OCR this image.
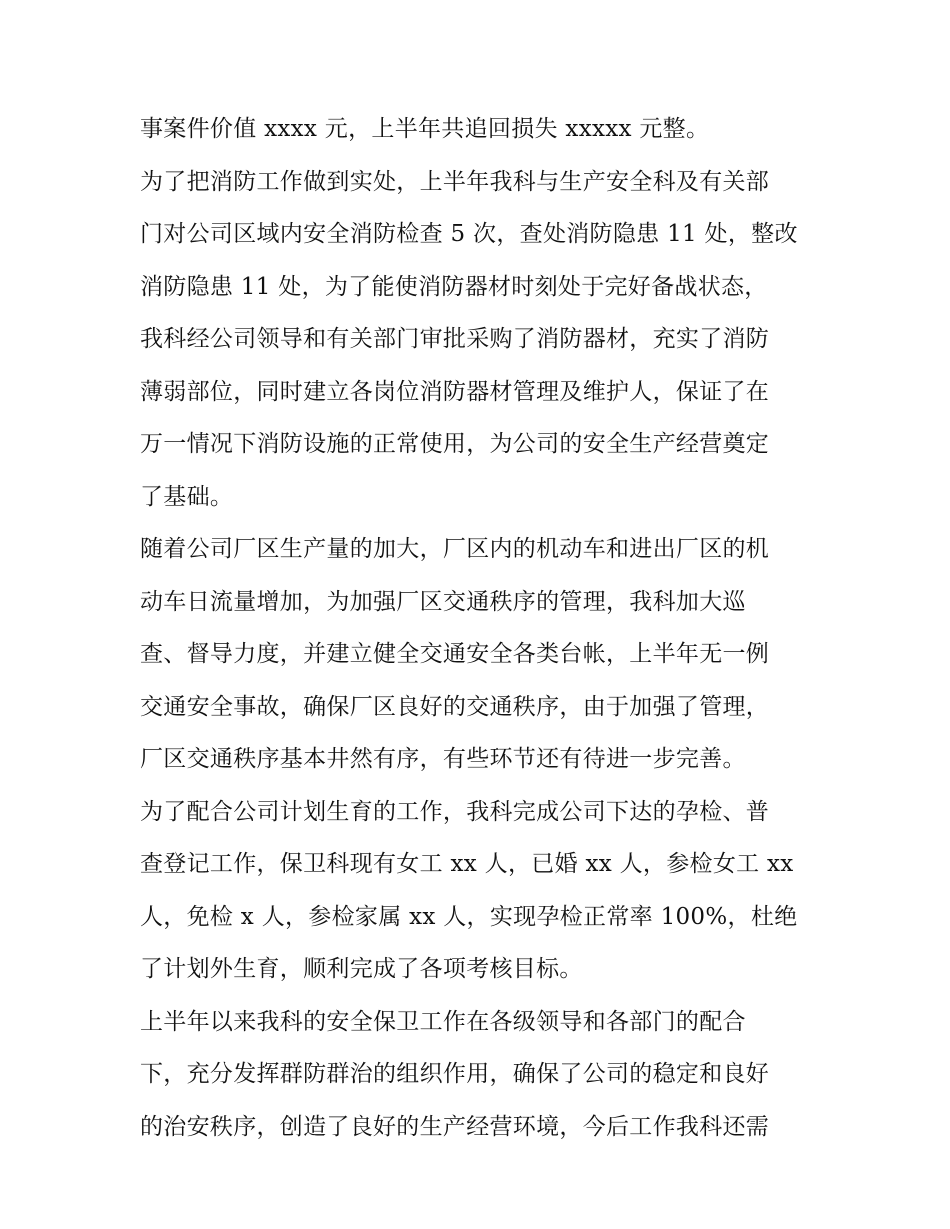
事案件价值 xxxx 元，上半年共追回损失 xxxxx 元整。
为了把消防工作做到实处，上半年我科与生产安全科及有关部
门对公司区域内安全消防检查 5 次，查处消防隐患 11 处，整改
消防隐患 11 处，为了能使消防器材时刻处于完好备战状态，
我科经公司领导和有关部门审批采购了消防器材，充实了消防
薄弱部位，同时建立各岗位消防器材管理及维护人，保证了在
万一情况下消防设施的正常使用，为公司的安全生产经营奠定
了基础。
随着公司厂区生产量的加大，厂区内的机动车和进出厂区的机
动车日流量增加，为加强厂区交通秩序的管理，我科加大巡
查、督导力度，并建立健全交通安全各类台帐，上半年无一例
交通安全事故，确保厂区良好的交通秩序，由于加强了管理，
厂区交通秩序基本井然有序，有些环节还有待进一步完善。
为了配合公司计划生育的工作，我科完成公司下达的孕检、普
查登记工作，保卫科现有女工 xx 人，已婚 xx 人，参检女工 xx
人，免检 x 人，参检家属 xx 人，实现孕检正常率 100%，杜绝
了计划外生育，顺利完成了各项考核目标。
上半年以来我科的安全保卫工作在各级领导和各部门的配合
下，充分发挥群防群治的组织作用，确保了公司的稳定和良好
的治安秩序，创造了良好的生产经营环境，今后工作我科还需
